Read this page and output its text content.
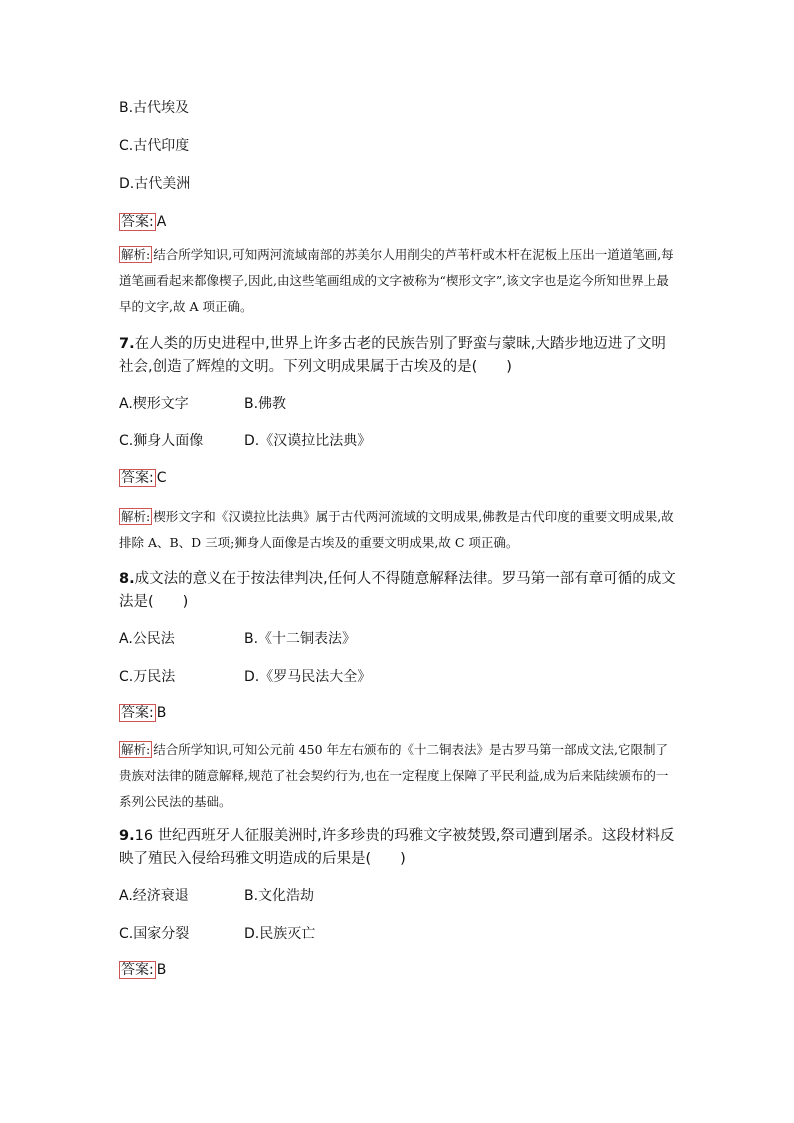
B.古代埃及
C.古代印度
D.古代美洲
答案: A
解析: 结合所学知识,可知两河流域南部的苏美尔人用削尖的芦苇杆或木杆在泥板上压出一道道笔画,每道笔画看起来都像楔子,因此,由这些笔画组成的文字被称为“楔形文字”,该文字也是迄今所知世界上最早的文字,故 A 项正确。
7.在人类的历史进程中,世界上许多古老的民族告别了野蛮与蒙昧,大踏步地迈进了文明社会,创造了辉煌的文明。下列文明成果属于古埃及的是(　　)
A.楔形文字	B.佛教
C.狮身人面像	D.《汉谟拉比法典》
答案: C
解析: 楔形文字和《汉谟拉比法典》属于古代两河流域的文明成果,佛教是古代印度的重要文明成果,故排除 A、B、D 三项;狮身人面像是古埃及的重要文明成果,故 C 项正确。
8.成文法的意义在于按法律判决,任何人不得随意解释法律。罗马第一部有章可循的成文法是(　　)
A.公民法	B.《十二铜表法》
C.万民法	D.《罗马民法大全》
答案: B
解析: 结合所学知识,可知公元前 450 年左右颁布的《十二铜表法》是古罗马第一部成文法,它限制了贵族对法律的随意解释,规范了社会契约行为,也在一定程度上保障了平民利益,成为后来陆续颁布的一系列公民法的基础。
9.16 世纪西班牙人征服美洲时,许多珍贵的玛雅文字被焚毁,祭司遭到屠杀。这段材料反映了殖民入侵给玛雅文明造成的后果是(　　)
A.经济衰退	B.文化浩劫
C.国家分裂	D.民族灭亡
答案: B
